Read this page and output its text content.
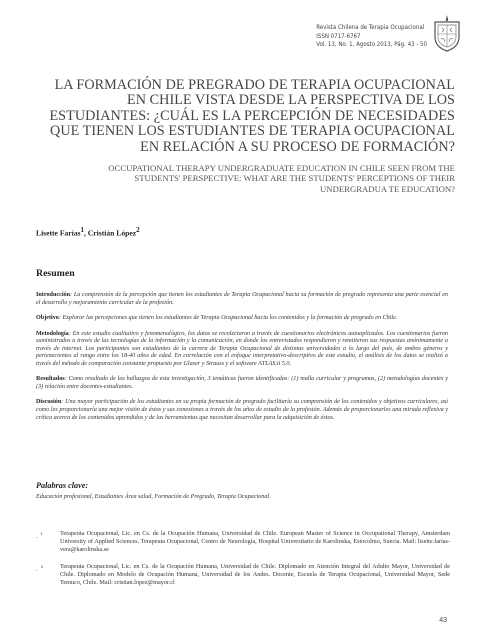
Revista Chilena de Terapia Ocupacional
ISSN 0717-6767
Vol. 13, No. 1, Agosto 2013, Pág. 43 - 50
LA FORMACIÓN DE PREGRADO DE TERAPIA OCUPACIONAL
EN CHILE VISTA DESDE LA PERSPECTIVA DE LOS
ESTUDIANTES: ¿CUÁL ES LA PERCEPCIÓN DE NECESIDADES
QUE TIENEN LOS ESTUDIANTES DE TERAPIA OCUPACIONAL
EN RELACIÓN A SU PROCESO DE FORMACIÓN?
OCCUPATIONAL THERAPY UNDERGRADUATE EDUCATION IN CHILE SEEN FROM THE
STUDENTS' PERSPECTIVE: WHAT ARE THE STUDENTS' PERCEPTIONS OF THEIR
UNDERGRADUA TE EDUCATION?
Lisette Farías$^1$, Cristián López$^2$
Resumen

Introducción: La comprensión de la percepción que tienen los estudiantes de Terapia Ocupacional hacia su formación de pregrado representa una parte esencial en el desarrollo y mejoramiento curricular de la profesión.

Objetivo: Explorar las percepciones que tienen los estudiantes de Terapia Ocupacional hacia los contenidos y la formación de pregrado en Chile.

Metodología: En este estudio cualitativo y fenomenológico, los datos se recolectaron a través de cuestionarios electrónicos autoaplicados. Los cuestionarios fueron suministrados a través de las tecnologías de la información y la comunicación, en donde los entrevistados respondieron y remitieron sus respuestas anónimamente a través de internet. Los participantes son estudiantes de la carrera de Terapia Ocupacional de distintas universidades a lo largo del país, de ambos géneros y pertenecientes al rango entre los 18-40 años de edad. En correlación con el enfoque interpretativo-descriptivo de este estudio, el análisis de los datos se realizó a través del método de comparación constante propuesto por Glaser y Strauss y el software ATLAS.ti 5.0.

Resultados: Como resultado de los hallazgos de esta investigación, 3 temáticas fueron identificadas: (1) malla curricular y programas, (2) metodologías docentes y (3) relación entre docentes-estudiantes.

Discusión: Una mayor participación de los estudiantes en su propia formación de pregrado facilitaría su comprensión de los contenidos y objetivos curriculares, así como les proporcionaría una mejor visión de éstos y sus conexiones a través de los años de estudio de la profesión. Además de proporcionarles una mirada reflexiva y crítica acerca de los contenidos aprendidos y de las herramientas que necesitan desarrollar para la adquisición de éstos.

Palabras clave:
Educación profesional, Estudiantes Área salud, Formación de Pregrado, Terapia Ocupacional.
. $^1$	Terapeuta Ocupacional, Lic. en Cs. de la Ocupación Humana, Universidad de Chile. European Master of Science in Occupational Therapy, Amsterdam University of Applied Sciences. Terapeuta Ocupacional, Centro de Neurología, Hospital Universitario de Karolinska, Estocolmo, Suecia. Mail: lisette.farias-vera@karolinska.se
. $^2$	Terapeuta Ocupacional, Lic. en Cs. de la Ocupación Humana, Universidad de Chile. Diplomado en Atención Integral del Adulto Mayor, Universidad de Chile. Diplomado en Modelo de Ocupación Humana, Universidad de los Andes. Docente, Escuela de Terapia Ocupacional, Universidad Mayor, Sede Temuco, Chile. Mail: cristian.lopez@mayor.cl
43
